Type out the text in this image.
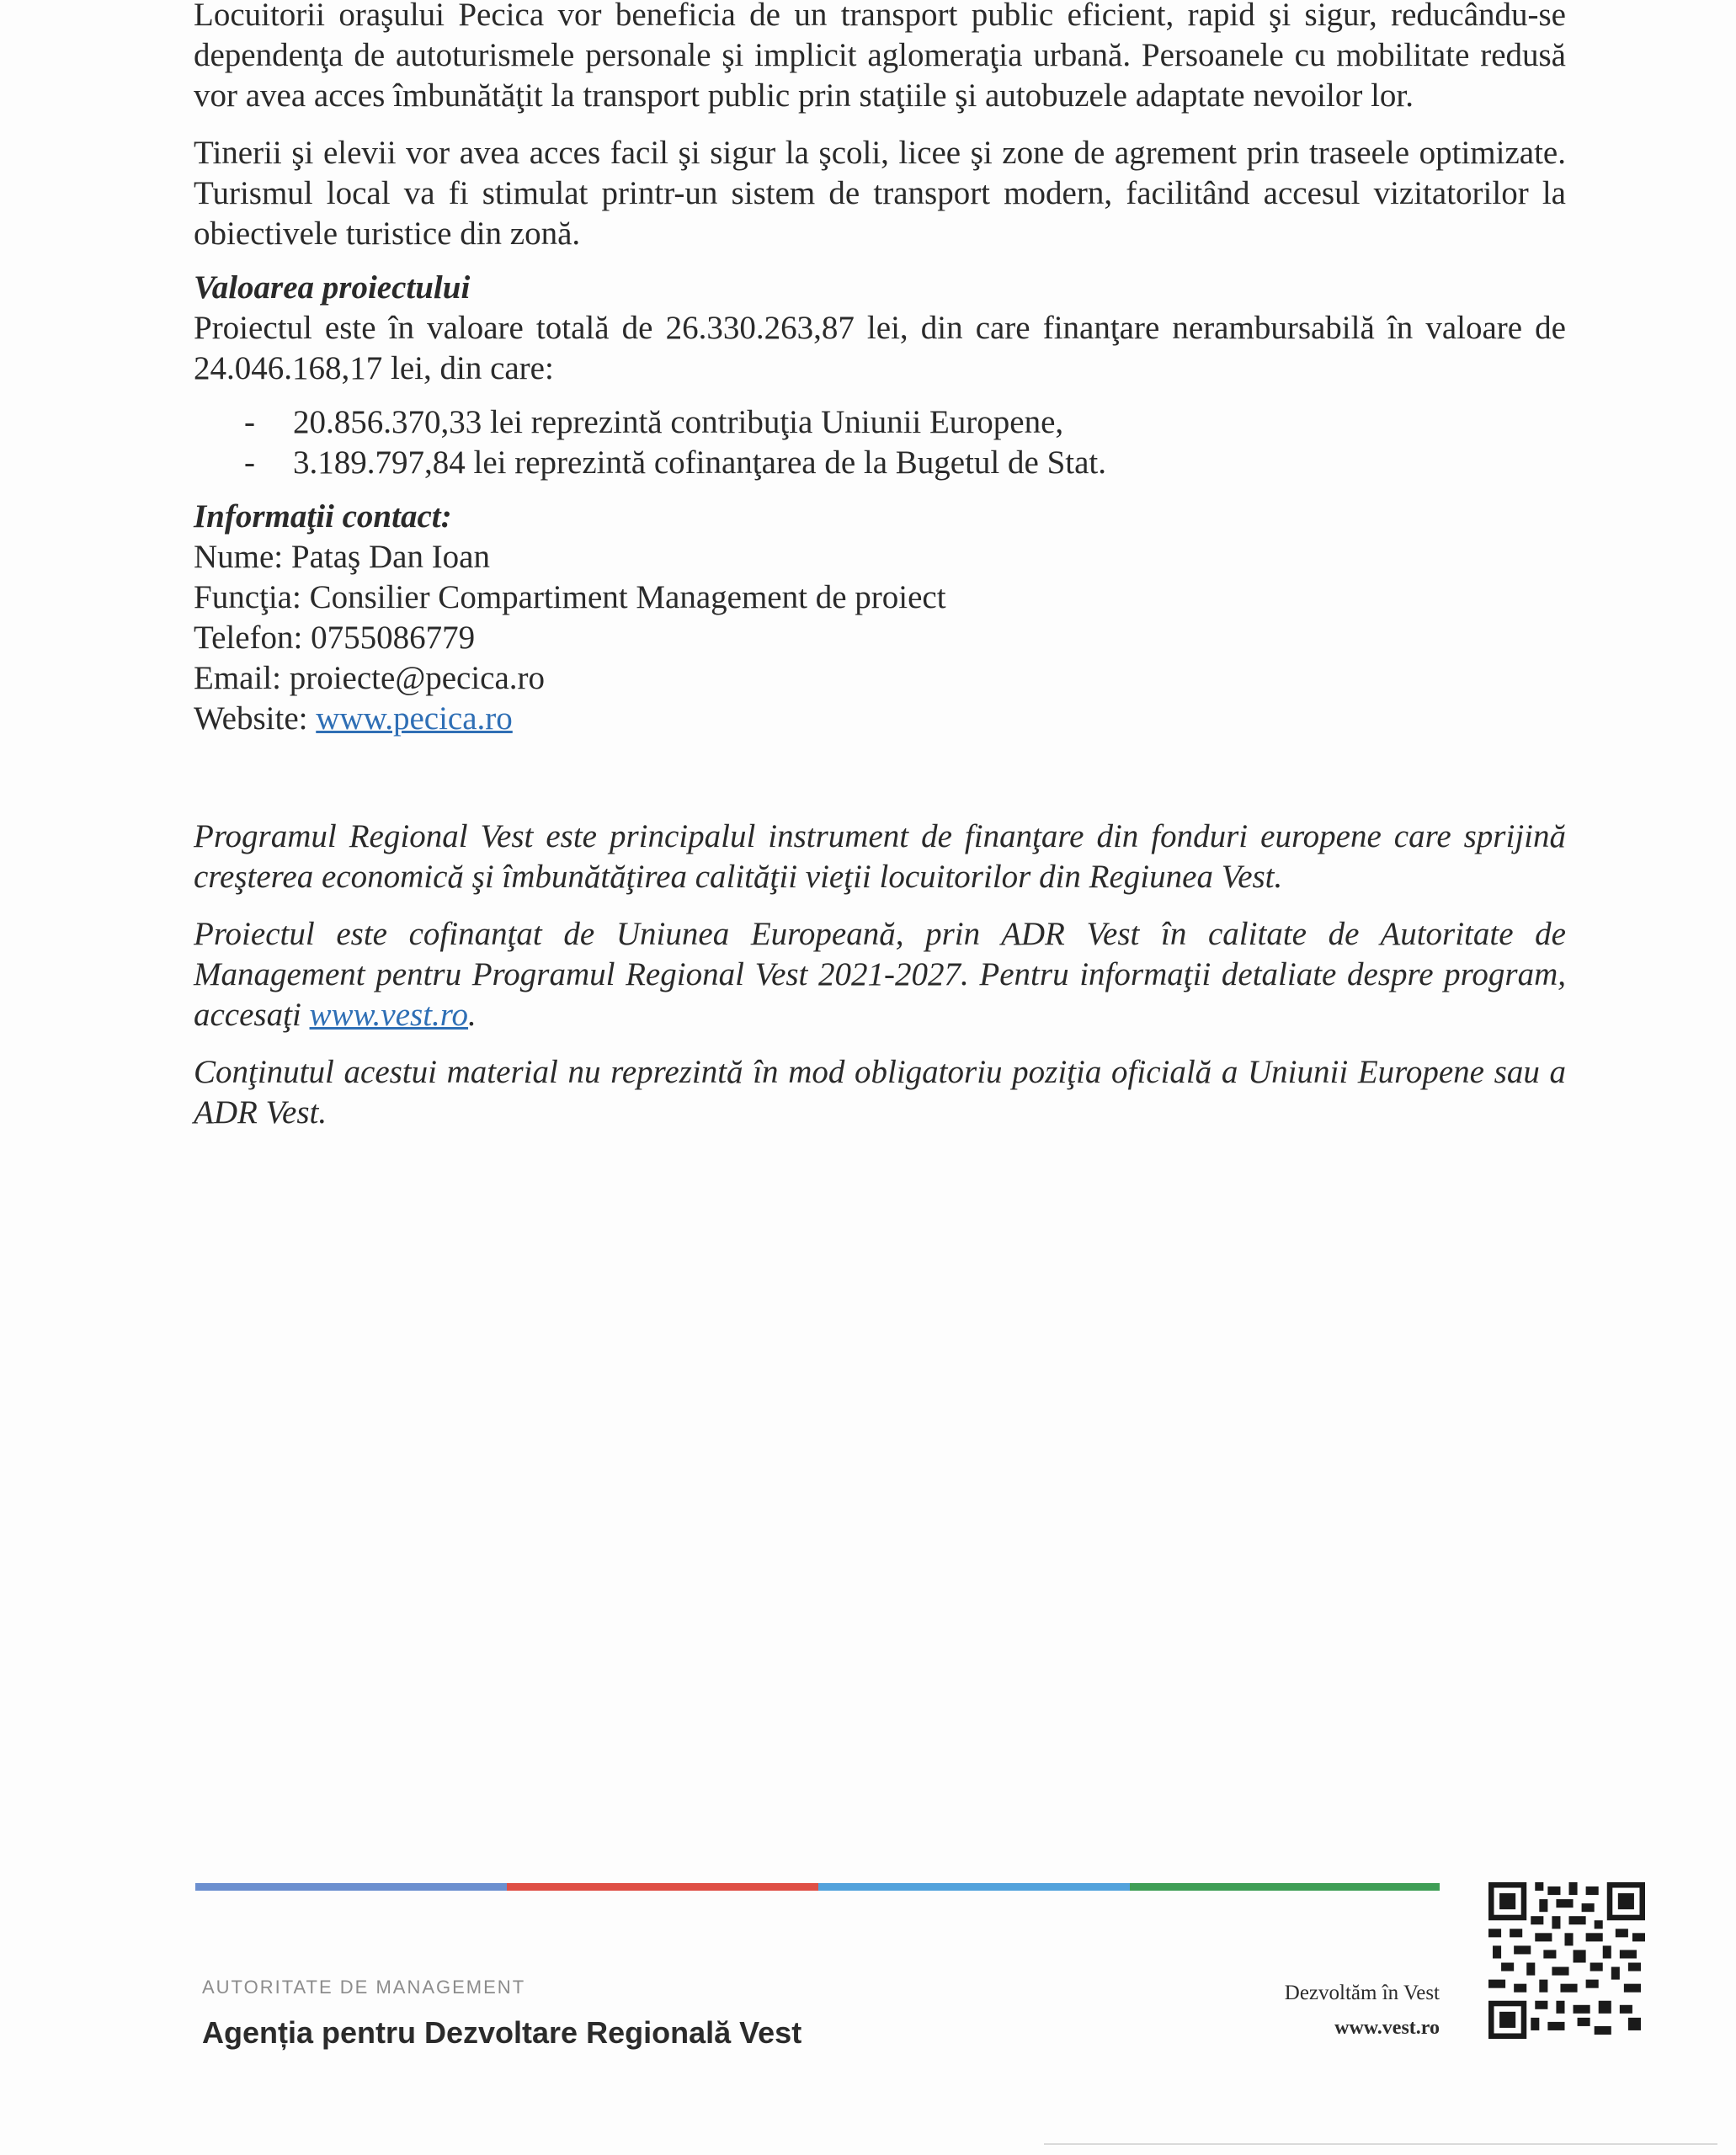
Locuitorii oraşului Pecica vor beneficia de un transport public eficient, rapid şi sigur, reducându-se dependenţa de autoturismele personale şi implicit aglomeraţia urbană. Persoanele cu mobilitate redusă vor avea acces îmbunătăţit la transport public prin staţiile şi autobuzele adaptate nevoilor lor.

Tinerii şi elevii vor avea acces facil şi sigur la şcoli, licee şi zone de agrement prin traseele optimizate. Turismul local va fi stimulat printr-un sistem de transport modern, facilitând accesul vizitatorilor la obiectivele turistice din zonă.

Valoarea proiectului

Proiectul este în valoare totală de 26.330.263,87 lei, din care finanţare nerambursabilă în valoare de 24.046.168,17 lei, din care:

- 20.856.370,33 lei reprezintă contribuţia Uniunii Europene,
- 3.189.797,84 lei reprezintă cofinanţarea de la Bugetul de Stat.

Informaţii contact:

Nume: Pataş Dan Ioan

Funcţia: Consilier Compartiment Management de proiect

Telefon: 0755086779

Email: proiecte@pecica.ro

Website: www.pecica.ro

Programul Regional Vest este principalul instrument de finanţare din fonduri europene care sprijină creşterea economică şi îmbunătăţirea calităţii vieţii locuitorilor din Regiunea Vest.

Proiectul este cofinanţat de Uniunea Europeană, prin ADR Vest în calitate de Autoritate de Management pentru Programul Regional Vest 2021-2027. Pentru informaţii detaliate despre program, accesaţi www.vest.ro.

Conţinutul acestui material nu reprezintă în mod obligatoriu poziţia oficială a Uniunii Europene sau a ADR Vest.

AUTORITATE DE MANAGEMENT
Agenția pentru Dezvoltare Regională Vest
Dezvoltăm în Vest
www.vest.ro
